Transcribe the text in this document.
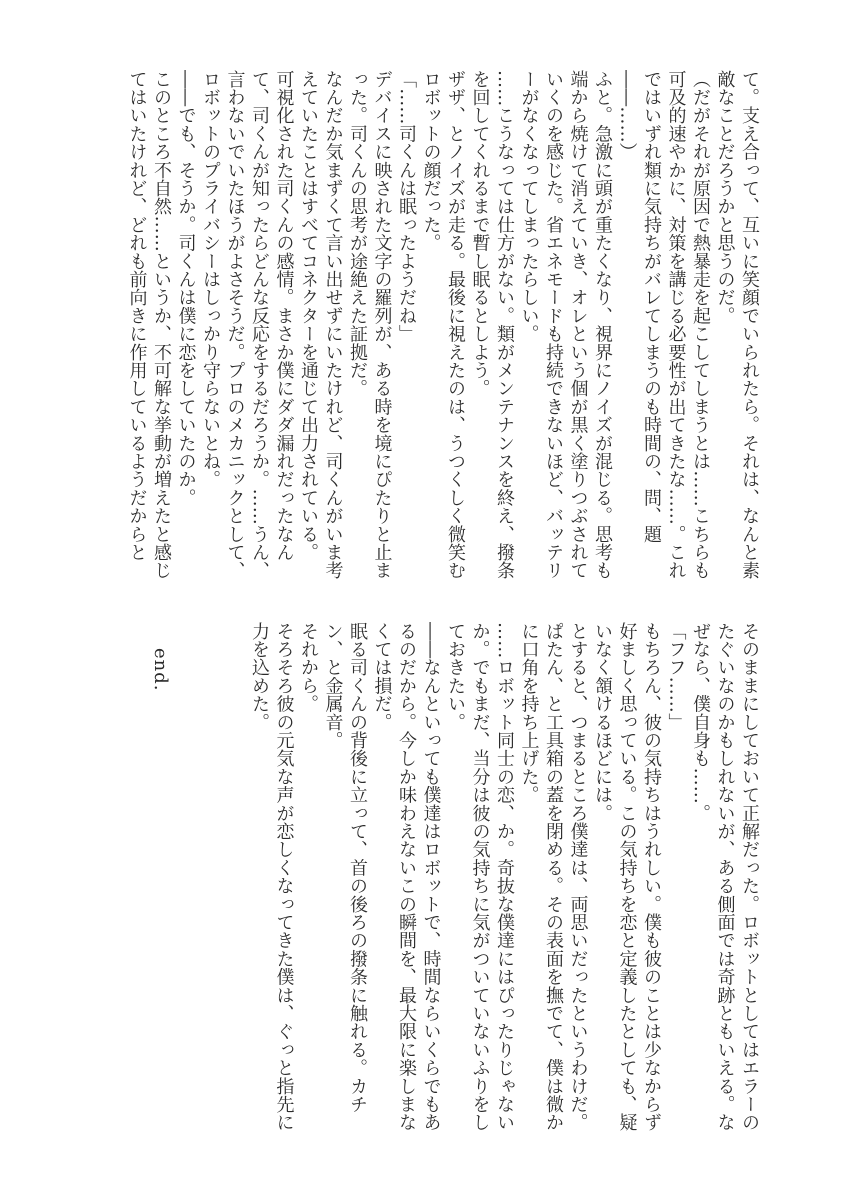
て。支え合って、互いに笑顔でいられたら。それは、なんと素敵なことだろうかと思うのだ。

（だがそれが原因で熱暴走を起こしてしまうとは……こちらも可及的速やかに、対策を講じる必要性が出てきたな……。これではいずれ類に気持ちがバレてしまうのも時間の、問、題――……）

ふと。急激に頭が重たくなり、視界にノイズが混じる。思考も端から焼けて消えていき、オレという個が黒く塗りつぶされていくのを感じた。省エネモードも持続できないほど、バッテリーがなくなってしまったらしい。

……こうなっては仕方がない。類がメンテナンスを終え、撥条を回してくれるまで暫し眠るとしよう。

ザザ、とノイズが走る。最後に視えたのは、うつくしく微笑むロボットの顔だった。

「……司くんは眠ったようだね」

デバイスに映された文字の羅列が、ある時を境にぴたりと止まった。司くんの思考が途絶えた証拠だ。

なんだか気まずくて言い出せずにいたけれど、司くんがいま考えていたことはすべてコネクターを通じて出力されている。

可視化された司くんの感情。まさか僕にダダ漏れだったなんて、司くんが知ったらどんな反応をするだろうか。……うん、言わないでいたほうがよさそうだ。プロのメカニックとして、ロボットのプライバシーはしっかり守らないとね。

――でも、そうか。司くんは僕に恋をしていたのか。

このところ不自然……というか、不可解な挙動が増えたと感じてはいたけれど、どれも前向きに作用しているようだからと

そのままにしておいて正解だった。ロボットとしてはエラーのたぐいなのかもしれないが、ある側面では奇跡ともいえる。なぜなら、僕自身も……。

「フフ……」

もちろん、彼の気持ちはうれしい。僕も彼のことは少なからず好ましく思っている。この気持ちを恋と定義したとしても、疑いなく頷けるほどには。

とすると、つまるところ僕達は、両思いだったというわけだ。ぱたん、と工具箱の蓋を閉める。その表面を撫でて、僕は微かに口角を持ち上げた。

……ロボット同士の恋、か。奇抜な僕達にはぴったりじゃないか。でもまだ、当分は彼の気持ちに気がついていないふりをしておきたい。

――なんといっても僕達はロボットで、時間ならいくらでもあるのだから。今しか味わえないこの瞬間を、最大限に楽しまなくては損だ。

眠る司くんの背後に立って、首の後ろの撥条に触れる。カチン、と金属音。

それから。

そろそろ彼の元気な声が恋しくなってきた僕は、ぐっと指先に力を込めた。

end.
